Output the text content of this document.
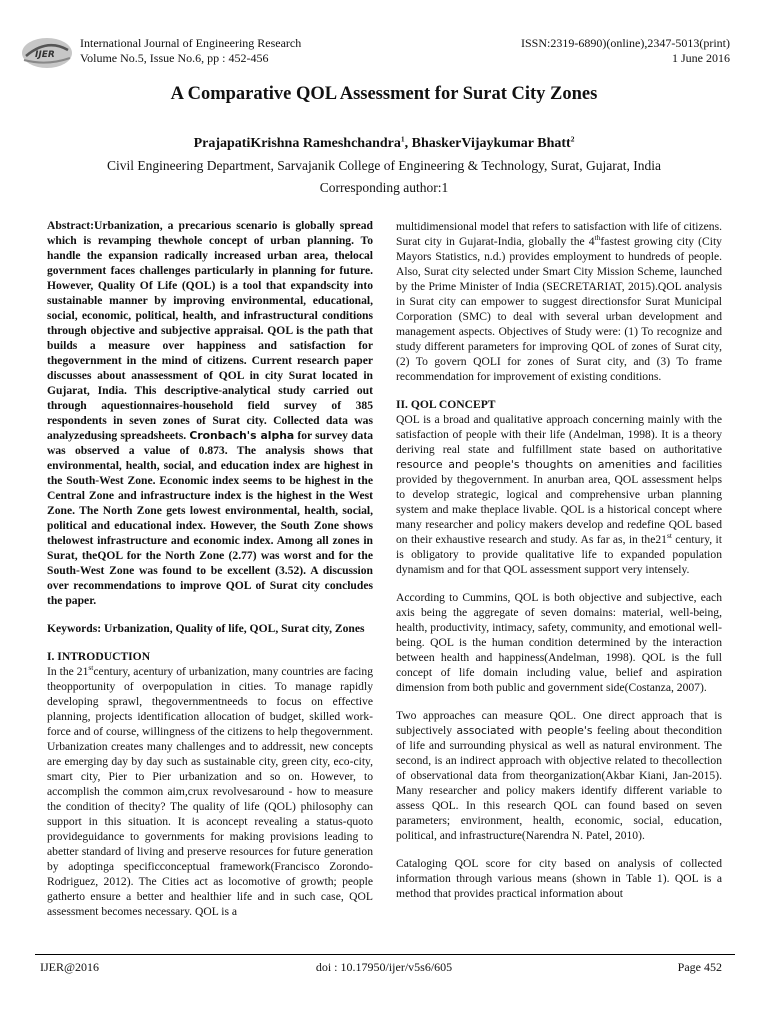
IJER
International Journal of Engineering Research
Volume No.5, Issue No.6, pp : 452-456
ISSN:2319-6890)(online),2347-5013(print)
1 June 2016
A Comparative QOL Assessment for Surat City Zones
PrajapatiKrishna Rameshchandra$^1$, BhaskerVijaykumar Bhatt$^2$
Civil Engineering Department, Sarvajanik College of Engineering & Technology, Surat, Gujarat, India
Corresponding author:1

Abstract:Urbanization, a precarious scenario is globally spread which is revamping thewhole concept of urban planning. To handle the expansion radically increased urban area, thelocal government faces challenges particularly in planning for future. However, Quality Of Life (QOL) is a tool that expandscity into sustainable manner by improving environmental, educational, social, economic, political, health, and infrastructural conditions through objective and subjective appraisal. QOL is the path that builds a measure over happiness and satisfaction for thegovernment in the mind of citizens. Current research paper discusses about anassessment of QOL in city Surat located in Gujarat, India. This descriptive-analytical study carried out through aquestionnaires-household field survey of 385 respondents in seven zones of Surat city. Collected data was analyzedusing spreadsheets. Cronbach's alpha for survey data was observed a value of 0.873. The analysis shows that environmental, health, social, and education index are highest in the South-West Zone. Economic index seems to be highest in the Central Zone and infrastructure index is the highest in the West Zone. The North Zone gets lowest environmental, health, social, political and educational index. However, the South Zone shows thelowest infrastructure and economic index. Among all zones in Surat, theQOL for the North Zone (2.77) was worst and for the South-West Zone was found to be excellent (3.52). A discussion over recommendations to improve QOL of Surat city concludes the paper.

Keywords: Urbanization, Quality of life, QOL, Surat city, Zones

I. INTRODUCTION

In the 21stcentury, acentury of urbanization, many countries are facing theopportunity of overpopulation in cities. To manage rapidly developing sprawl, thegovernmentneeds to focus on effective planning, projects identification allocation of budget, skilled work-force and of course, willingness of the citizens to help thegovernment. Urbanization creates many challenges and to addressit, new concepts are emerging day by day such as sustainable city, green city, eco-city, smart city, Pier to Pier urbanization and so on. However, to accomplish the common aim,crux revolvesaround - how to measure the condition of thecity? The quality of life (QOL) philosophy can support in this situation. It is aconcept revealing a status-quoto provideguidance to governments for making provisions leading to abetter standard of living and preserve resources for future generation by adoptinga specificconceptual framework(Francisco Zorondo-Rodriguez, 2012). The Cities act as locomotive of growth; people gatherto ensure a better and healthier life and in such case, QOL assessment becomes necessary. QOL is a

multidimensional model that refers to satisfaction with life of citizens. Surat city in Gujarat-India, globally the 4thfastest growing city (City Mayors Statistics, n.d.) provides employment to hundreds of people. Also, Surat city selected under Smart City Mission Scheme, launched by the Prime Minister of India (SECRETARIAT, 2015).QOL analysis in Surat city can empower to suggest directionsfor Surat Municipal Corporation (SMC) to deal with several urban development and management aspects. Objectives of Study were: (1) To recognize and study different parameters for improving QOL of zones of Surat city, (2) To govern QOLI for zones of Surat city, and (3) To frame recommendation for improvement of existing conditions.

II. QOL CONCEPT

QOL is a broad and qualitative approach concerning mainly with the satisfaction of people with their life (Andelman, 1998). It is a theory deriving real state and fulfillment state based on authoritative resource and people's thoughts on amenities and facilities provided by thegovernment. In anurban area, QOL assessment helps to develop strategic, logical and comprehensive urban planning system and make theplace livable. QOL is a historical concept where many researcher and policy makers develop and redefine QOL based on their exhaustive research and study. As far as, in the21st century, it is obligatory to provide qualitative life to expanded population dynamism and for that QOL assessment support very intensely.

According to Cummins, QOL is both objective and subjective, each axis being the aggregate of seven domains: material, well-being, health, productivity, intimacy, safety, community, and emotional well-being. QOL is the human condition determined by the interaction between health and happiness(Andelman, 1998). QOL is the full concept of life domain including value, belief and aspiration dimension from both public and government side(Costanza, 2007).

Two approaches can measure QOL. One direct approach that is subjectively associated with people's feeling about thecondition of life and surrounding physical as well as natural environment. The second, is an indirect approach with objective related to thecollection of observational data from theorganization(Akbar Kiani, Jan-2015). Many researcher and policy makers identify different variable to assess QOL. In this research QOL can found based on seven parameters; environment, health, economic, social, education, political, and infrastructure(Narendra N. Patel, 2010).

Cataloging QOL score for city based on analysis of collected information through various means (shown in Table 1). QOL is a method that provides practical information about

IJER@2016	doi : 10.17950/ijer/v5s6/605	Page 452
